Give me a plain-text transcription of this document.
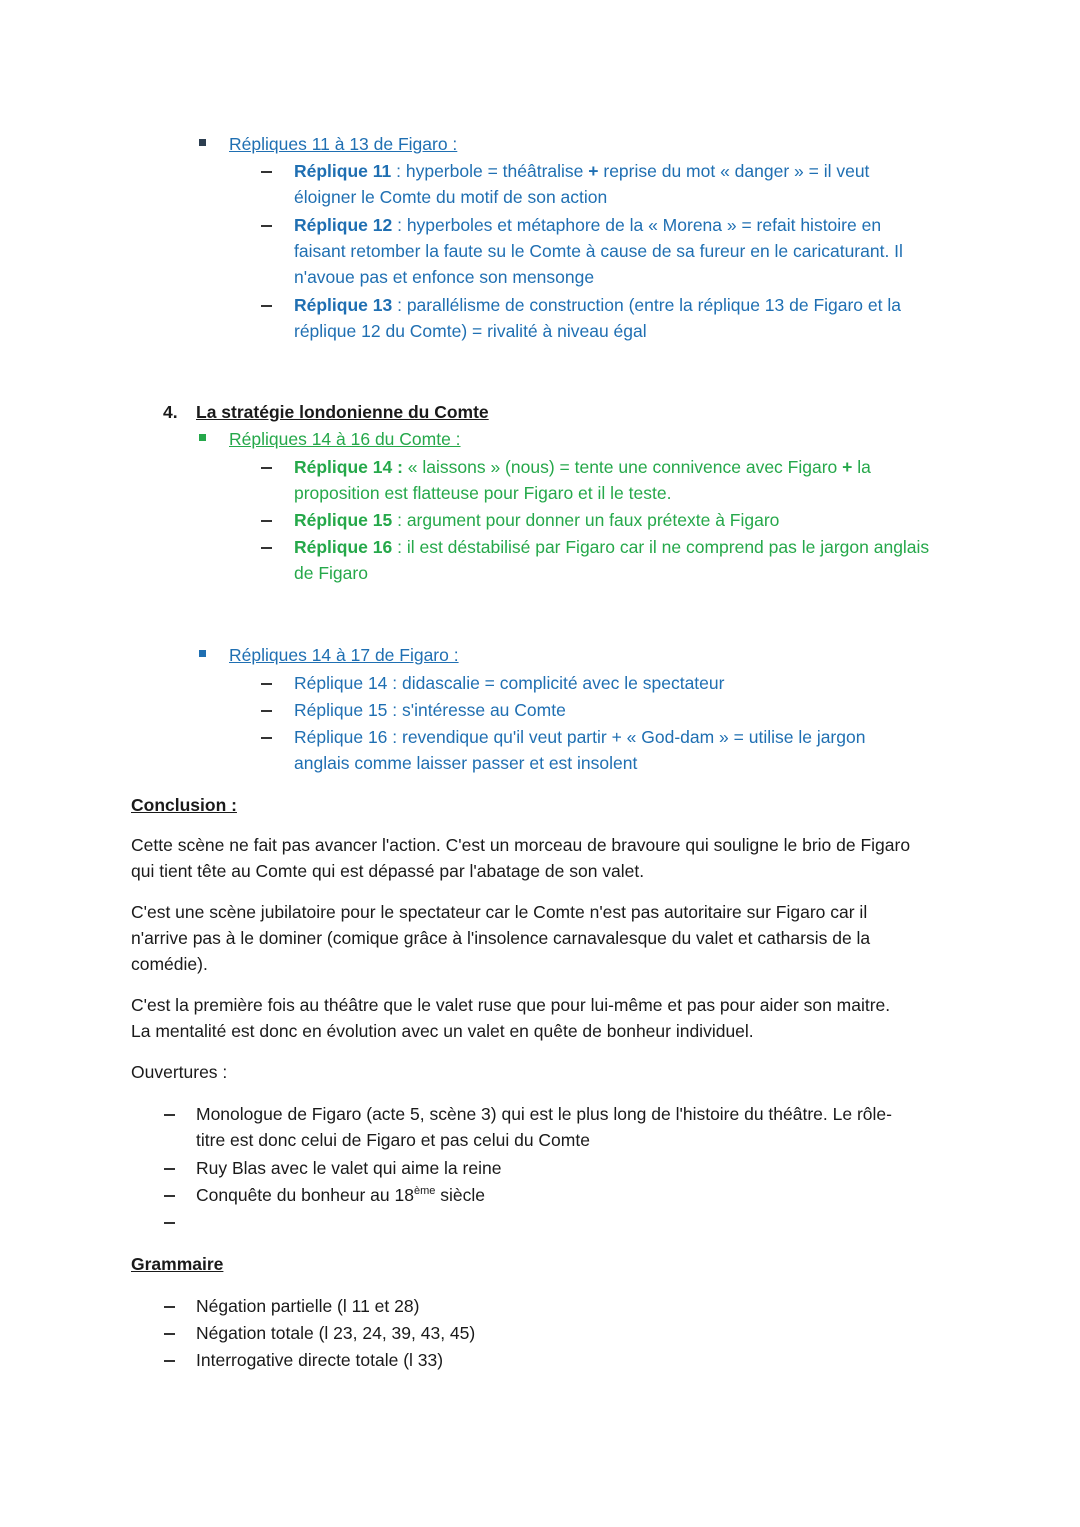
Répliques 11 à 13 de Figaro :
Réplique 11 : hyperbole = théâtralise + reprise du mot « danger » = il veut
éloigner le Comte du motif de son action
Réplique 12 : hyperboles et métaphore de la « Morena » = refait histoire en
faisant retomber la faute su le Comte à cause de sa fureur en le caricaturant. Il
n'avoue pas et enfonce son mensonge
Réplique 13 : parallélisme de construction (entre la réplique 13 de Figaro et la
réplique 12 du Comte) = rivalité à niveau égal
4. La stratégie londonienne du Comte
Répliques 14 à 16 du Comte :
Réplique 14 : « laissons » (nous) = tente une connivence avec Figaro + la
proposition est flatteuse pour Figaro et il le teste.
Réplique 15 : argument pour donner un faux prétexte à Figaro
Réplique 16 : il est déstabilisé par Figaro car il ne comprend pas le jargon anglais
de Figaro
Répliques 14 à 17 de Figaro :
Réplique 14 : didascalie = complicité avec le spectateur
Réplique 15 : s'intéresse au Comte
Réplique 16 : revendique qu'il veut partir + « God-dam » = utilise le jargon
anglais comme laisser passer et est insolent
Conclusion :
Cette scène ne fait pas avancer l'action. C'est un morceau de bravoure qui souligne le brio de Figaro
qui tient tête au Comte qui est dépassé par l'abatage de son valet.
C'est une scène jubilatoire pour le spectateur car le Comte n'est pas autoritaire sur Figaro car il
n'arrive pas à le dominer (comique grâce à l'insolence carnavalesque du valet et catharsis de la
comédie).
C'est la première fois au théâtre que le valet ruse que pour lui-même et pas pour aider son maitre.
La mentalité est donc en évolution avec un valet en quête de bonheur individuel.
Ouvertures :
Monologue de Figaro (acte 5, scène 3) qui est le plus long de l'histoire du théâtre. Le rôle-
titre est donc celui de Figaro et pas celui du Comte
Ruy Blas avec le valet qui aime la reine
Conquête du bonheur au 18ème siècle
Grammaire
Négation partielle (l 11 et 28)
Négation totale (l 23, 24, 39, 43, 45)
Interrogative directe totale (l 33)
